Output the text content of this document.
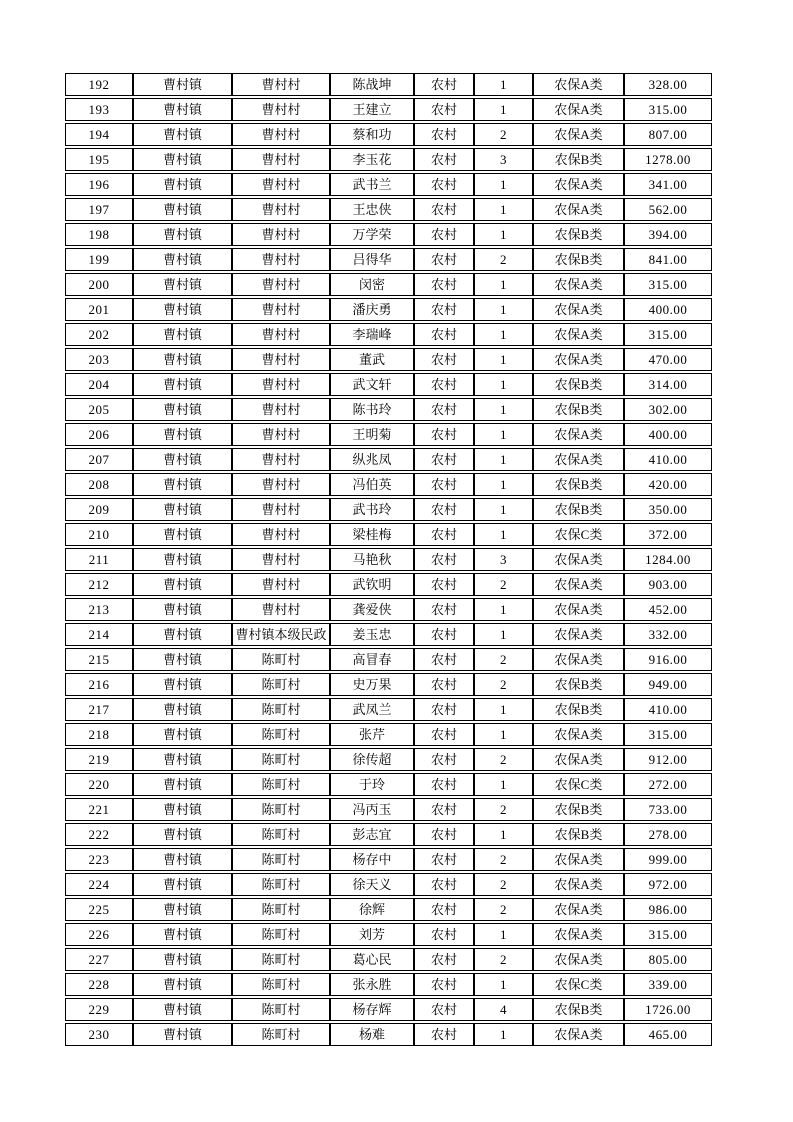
192	曹村镇	曹村村	陈战坤	农村	1	农保A类	328.00
193	曹村镇	曹村村	王建立	农村	1	农保A类	315.00
194	曹村镇	曹村村	蔡和功	农村	2	农保A类	807.00
195	曹村镇	曹村村	李玉花	农村	3	农保B类	1278.00
196	曹村镇	曹村村	武书兰	农村	1	农保A类	341.00
197	曹村镇	曹村村	王忠侠	农村	1	农保A类	562.00
198	曹村镇	曹村村	万学荣	农村	1	农保B类	394.00
199	曹村镇	曹村村	吕得华	农村	2	农保B类	841.00
200	曹村镇	曹村村	闵密	农村	1	农保A类	315.00
201	曹村镇	曹村村	潘庆勇	农村	1	农保A类	400.00
202	曹村镇	曹村村	李瑞峰	农村	1	农保A类	315.00
203	曹村镇	曹村村	董武	农村	1	农保A类	470.00
204	曹村镇	曹村村	武文轩	农村	1	农保B类	314.00
205	曹村镇	曹村村	陈书玲	农村	1	农保B类	302.00
206	曹村镇	曹村村	王明菊	农村	1	农保A类	400.00
207	曹村镇	曹村村	纵兆凤	农村	1	农保A类	410.00
208	曹村镇	曹村村	冯伯英	农村	1	农保B类	420.00
209	曹村镇	曹村村	武书玲	农村	1	农保B类	350.00
210	曹村镇	曹村村	梁桂梅	农村	1	农保C类	372.00
211	曹村镇	曹村村	马艳秋	农村	3	农保A类	1284.00
212	曹村镇	曹村村	武钦明	农村	2	农保A类	903.00
213	曹村镇	曹村村	龚爱侠	农村	1	农保A类	452.00
214	曹村镇	曹村镇本级民政	姜玉忠	农村	1	农保A类	332.00
215	曹村镇	陈町村	高冒春	农村	2	农保A类	916.00
216	曹村镇	陈町村	史万果	农村	2	农保B类	949.00
217	曹村镇	陈町村	武凤兰	农村	1	农保B类	410.00
218	曹村镇	陈町村	张芹	农村	1	农保A类	315.00
219	曹村镇	陈町村	徐传超	农村	2	农保A类	912.00
220	曹村镇	陈町村	于玲	农村	1	农保C类	272.00
221	曹村镇	陈町村	冯丙玉	农村	2	农保B类	733.00
222	曹村镇	陈町村	彭志宜	农村	1	农保B类	278.00
223	曹村镇	陈町村	杨存中	农村	2	农保A类	999.00
224	曹村镇	陈町村	徐天义	农村	2	农保A类	972.00
225	曹村镇	陈町村	徐辉	农村	2	农保A类	986.00
226	曹村镇	陈町村	刘芳	农村	1	农保A类	315.00
227	曹村镇	陈町村	葛心民	农村	2	农保A类	805.00
228	曹村镇	陈町村	张永胜	农村	1	农保C类	339.00
229	曹村镇	陈町村	杨存辉	农村	4	农保B类	1726.00
230	曹村镇	陈町村	杨难	农村	1	农保A类	465.00
